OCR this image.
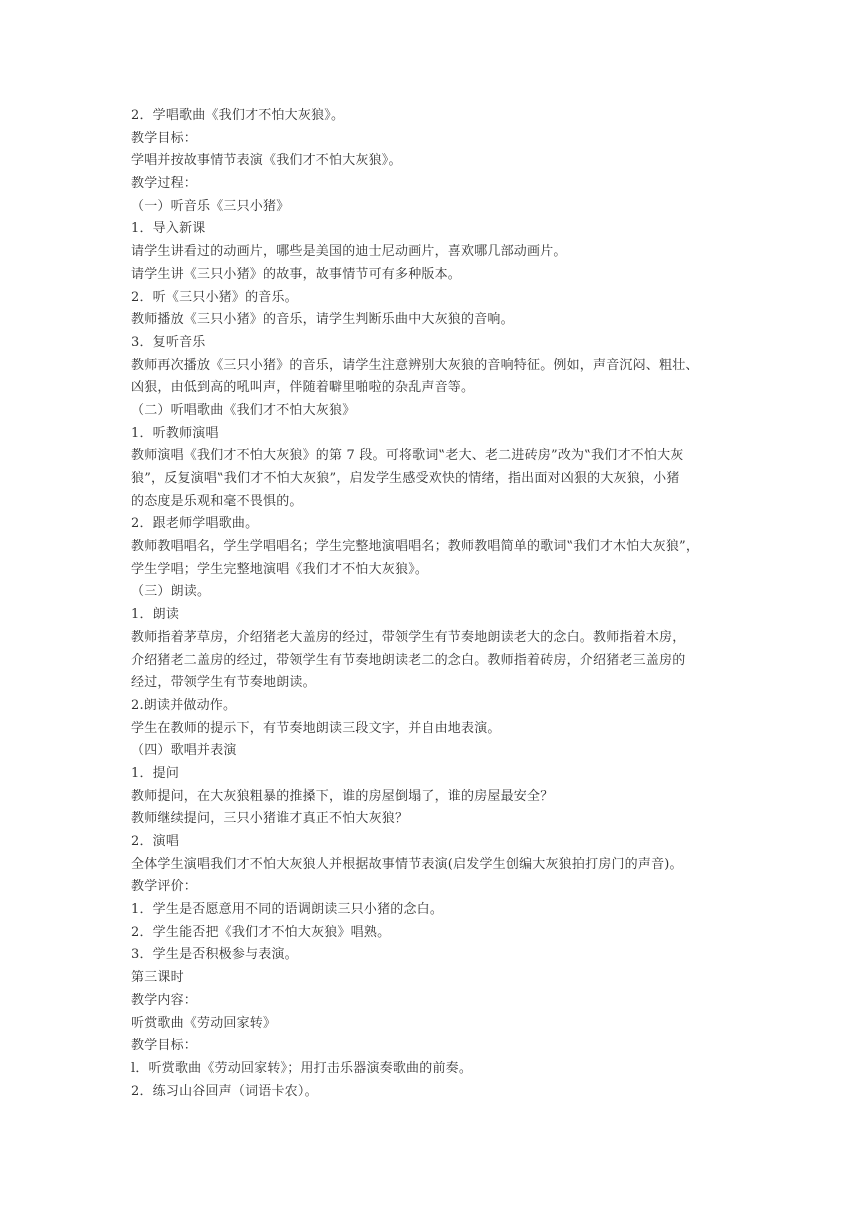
2．学唱歌曲《我们才不怕大灰狼》。

教学目标：

学唱并按故事情节表演《我们才不怕大灰狼》。

教学过程：

（一）听音乐《三只小猪》

1．导入新课

请学生讲看过的动画片，哪些是美国的迪士尼动画片，喜欢哪几部动画片。

请学生讲《三只小猪》的故事，故事情节可有多种版本。

2．听《三只小猪》的音乐。

教师播放《三只小猪》的音乐，请学生判断乐曲中大灰狼的音响。

3．复听音乐

教师再次播放《三只小猪》的音乐，请学生注意辨别大灰狼的音响特征。例如，声音沉闷、粗壮、

凶狠，由低到高的吼叫声，伴随着噼里啪啦的杂乱声音等。

（二）听唱歌曲《我们才不怕大灰狼》

1．听教师演唱

教师演唱《我们才不怕大灰狼》的第 7 段。可将歌词‟老大、老二进砖房”改为‟我们才不怕大灰

狼”，反复演唱‟我们才不怕大灰狼”，启发学生感受欢快的情绪，指出面对凶狠的大灰狼，小猪

的态度是乐观和毫不畏惧的。

2．跟老师学唱歌曲。

教师教唱唱名，学生学唱唱名；学生完整地演唱唱名；教师教唱简单的歌词‟我们才木怕大灰狼”，

学生学唱；学生完整地演唱《我们才不怕大灰狼》。

（三）朗读。

1．朗读

教师指着茅草房，介绍猪老大盖房的经过，带领学生有节奏地朗读老大的念白。教师指着木房，

介绍猪老二盖房的经过，带领学生有节奏地朗读老二的念白。教师指着砖房，介绍猪老三盖房的

经过，带领学生有节奏地朗读。

2.朗读并做动作。

学生在教师的提示下，有节奏地朗读三段文字，并自由地表演。

（四）歌唱并表演

1．提问

教师提问，在大灰狼粗暴的推搡下，谁的房屋倒塌了，谁的房屋最安全？

教师继续提问，三只小猪谁才真正不怕大灰狼？

2．演唱

全体学生演唱我们才不怕大灰狼人并根据故事情节表演(启发学生创编大灰狼拍打房门的声音)。

教学评价：

1．学生是否愿意用不同的语调朗读三只小猪的念白。

2．学生能否把《我们才不怕大灰狼》唱熟。

3．学生是否积极参与表演。

第三课时

教学内容：

听赏歌曲《劳动回家转》

教学目标：

l．听赏歌曲《劳动回家转》；用打击乐器演奏歌曲的前奏。

2．练习山谷回声（词语卡农）。
